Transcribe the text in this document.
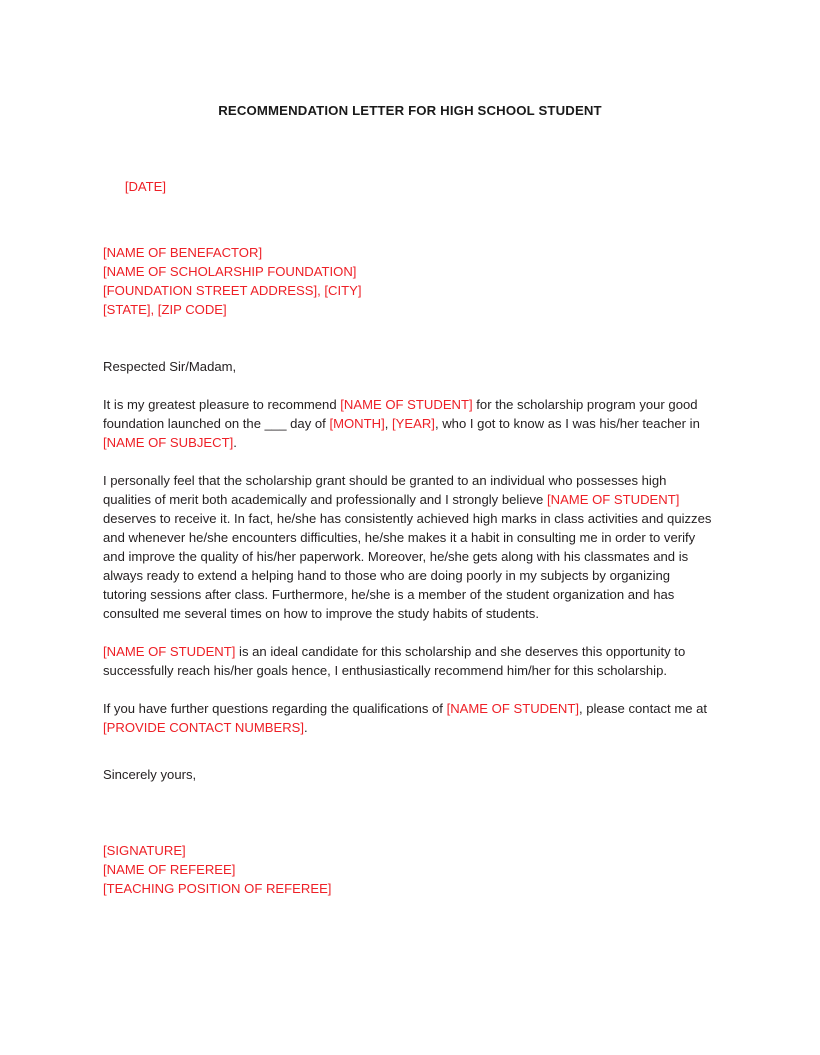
RECOMMENDATION LETTER FOR HIGH SCHOOL STUDENT

[DATE]

[NAME OF BENEFACTOR]
[NAME OF SCHOLARSHIP FOUNDATION]
[FOUNDATION STREET ADDRESS], [CITY]
[STATE], [ZIP CODE]
Respected Sir/Madam,
It is my greatest pleasure to recommend [NAME OF STUDENT] for the scholarship program your good foundation launched on the ___ day of [MONTH], [YEAR], who I got to know as I was his/her teacher in [NAME OF SUBJECT].
I personally feel that the scholarship grant should be granted to an individual who possesses high qualities of merit both academically and professionally and I strongly believe [NAME OF STUDENT] deserves to receive it. In fact, he/she has consistently achieved high marks in class activities and quizzes and whenever he/she encounters difficulties, he/she makes it a habit in consulting me in order to verify and improve the quality of his/her paperwork. Moreover, he/she gets along with his classmates and is always ready to extend a helping hand to those who are doing poorly in my subjects by organizing tutoring sessions after class. Furthermore, he/she is a member of the student organization and has consulted me several times on how to improve the study habits of students.
[NAME OF STUDENT] is an ideal candidate for this scholarship and she deserves this opportunity to successfully reach his/her goals hence, I enthusiastically recommend him/her for this scholarship.
If you have further questions regarding the qualifications of [NAME OF STUDENT], please contact me at [PROVIDE CONTACT NUMBERS].
Sincerely yours,
[SIGNATURE]
[NAME OF REFEREE]
[TEACHING POSITION OF REFEREE]
